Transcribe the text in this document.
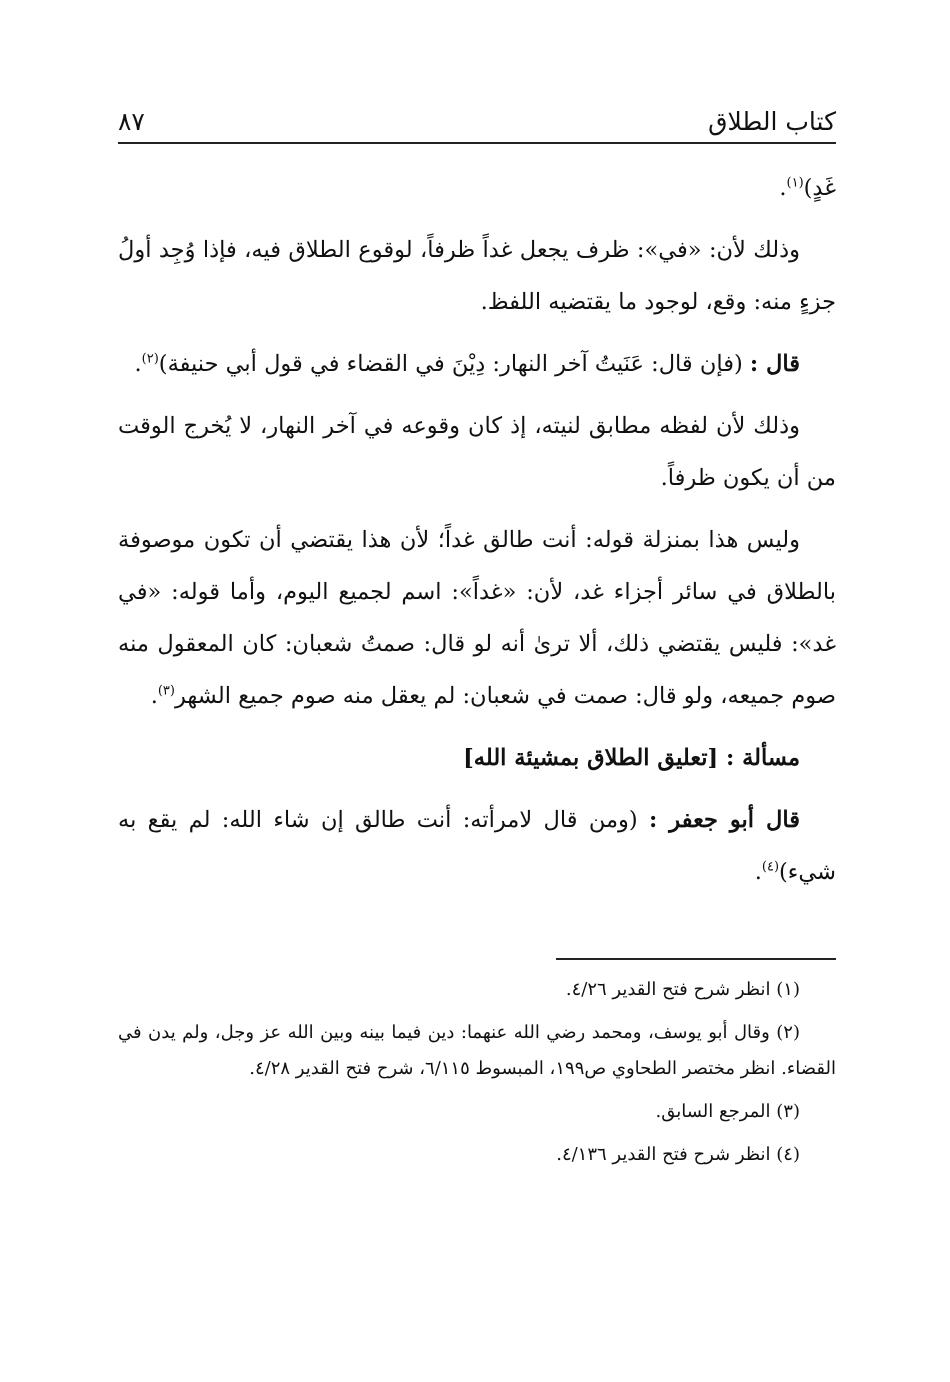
كتاب الطلاق
٨٧

غَدٍ)$^{(١)}$.

وذلك لأن: «في»: ظرف يجعل غداً ظرفاً، لوقوع الطلاق فيه، فإذا وُجِد أولُ جزءٍ منه: وقع، لوجود ما يقتضيه اللفظ.

قال : (فإن قال: عَنَيتُ آخر النهار: دِيْنَ في القضاء في قول أبي حنيفة)$^{(٢)}$.

وذلك لأن لفظه مطابق لنيته، إذ كان وقوعه في آخر النهار، لا يُخرج الوقت من أن يكون ظرفاً.

وليس هذا بمنزلة قوله: أنت طالق غداً؛ لأن هذا يقتضي أن تكون موصوفة بالطلاق في سائر أجزاء غد، لأن: «غداً»: اسم لجميع اليوم، وأما قوله: «في غد»: فليس يقتضي ذلك، ألا ترىٰ أنه لو قال: صمتُ شعبان: كان المعقول منه صوم جميعه، ولو قال: صمت في شعبان: لم يعقل منه صوم جميع الشهر$^{(٣)}$.

مسألة : [تعليق الطلاق بمشيئة الله]

قال أبو جعفر : (ومن قال لامرأته: أنت طالق إن شاء الله: لم يقع به شيء)$^{(٤)}$.

(١) انظر شرح فتح القدير ٤/٢٦.

(٢) وقال أبو يوسف، ومحمد رضي الله عنهما: دين فيما بينه وبين الله عز وجل، ولم يدن في القضاء. انظر مختصر الطحاوي ص١٩٩، المبسوط ٦/١١٥، شرح فتح القدير ٤/٢٨.

(٣) المرجع السابق.

(٤) انظر شرح فتح القدير ٤/١٣٦.
